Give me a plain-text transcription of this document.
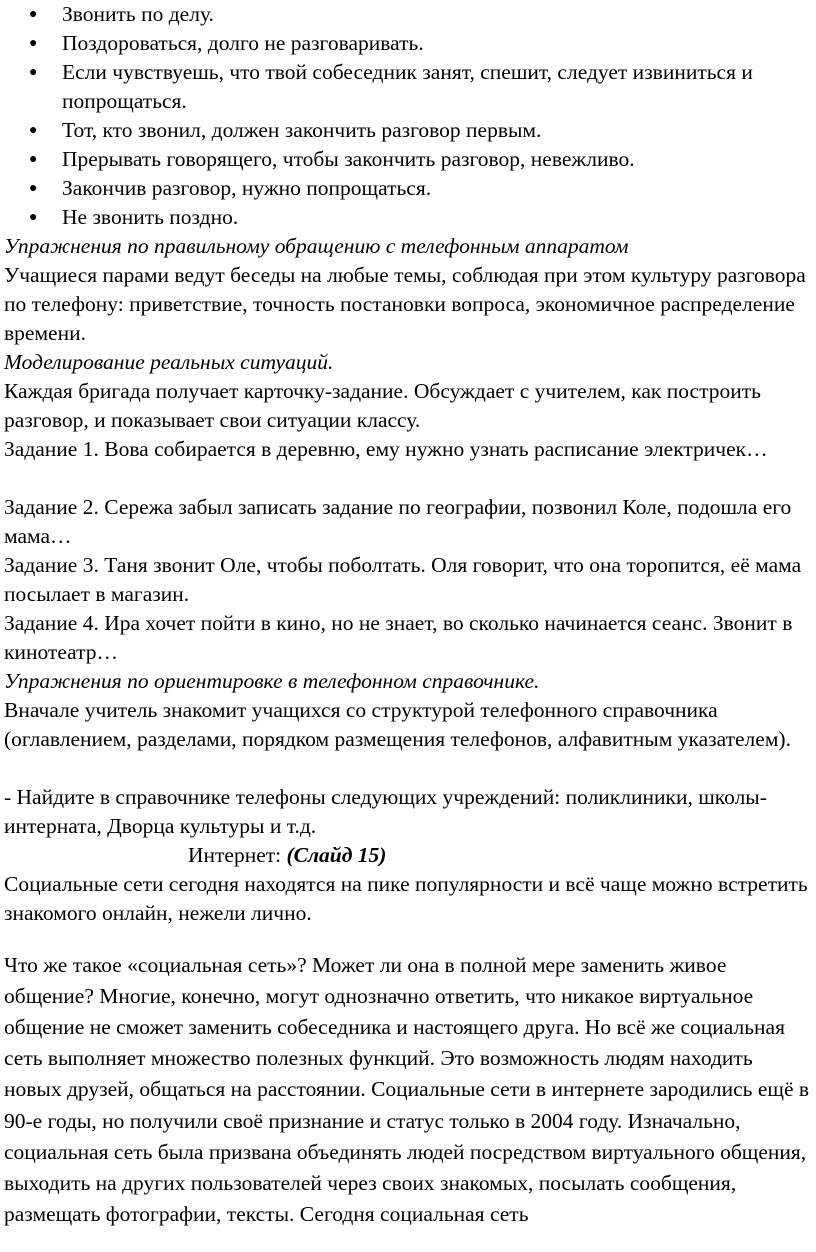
● Звонить по делу.
● Поздороваться, долго не разговаривать.
● Если чувствуешь, что твой собеседник занят, спешит, следует извиниться и попрощаться.
● Тот, кто звонил, должен закончить разговор первым.
● Прерывать говорящего, чтобы закончить разговор, невежливо.
● Закончив разговор, нужно попрощаться.
● Не звонить поздно.

Упражнения по правильному обращению с телефонным аппаратом

Учащиеся парами ведут беседы на любые темы, соблюдая при этом культуру разговора по телефону: приветствие, точность постановки вопроса, экономичное распределение времени.

Моделирование реальных ситуаций.

Каждая бригада получает карточку-задание. Обсуждает с учителем, как построить разговор, и показывает свои ситуации классу.

Задание 1. Вова собирается в деревню, ему нужно узнать расписание электричек…

Задание 2. Сережа забыл записать задание по географии, позвонил Коле, подошла его мама…

Задание 3. Таня звонит Оле, чтобы поболтать. Оля говорит, что она торопится, её мама посылает в магазин.

Задание 4. Ира хочет пойти в кино, но не знает, во сколько начинается сеанс. Звонит в кинотеатр…

Упражнения по ориентировке в телефонном справочнике.

Вначале учитель знакомит учащихся со структурой телефонного справочника (оглавлением, разделами, порядком размещения телефонов, алфавитным указателем).

- Найдите в справочнике телефоны следующих учреждений: поликлиники, школы-интерната, Дворца культуры и т.д.

Интернет: (Слайд 15)

Социальные сети сегодня находятся на пике популярности и всё чаще можно встретить знакомого онлайн, нежели лично.

Что же такое «социальная сеть»? Может ли она в полной мере заменить живое общение? Многие, конечно, могут однозначно ответить, что никакое виртуальное общение не сможет заменить собеседника и настоящего друга. Но всё же социальная сеть выполняет множество полезных функций. Это возможность людям находить новых друзей, общаться на расстоянии. Социальные сети в интернете зародились ещё в 90-е годы, но получили своё признание и статус только в 2004 году. Изначально, социальная сеть была призвана объединять людей посредством виртуального общения, выходить на других пользователей через своих знакомых, посылать сообщения, размещать фотографии, тексты. Сегодня социальная сеть
